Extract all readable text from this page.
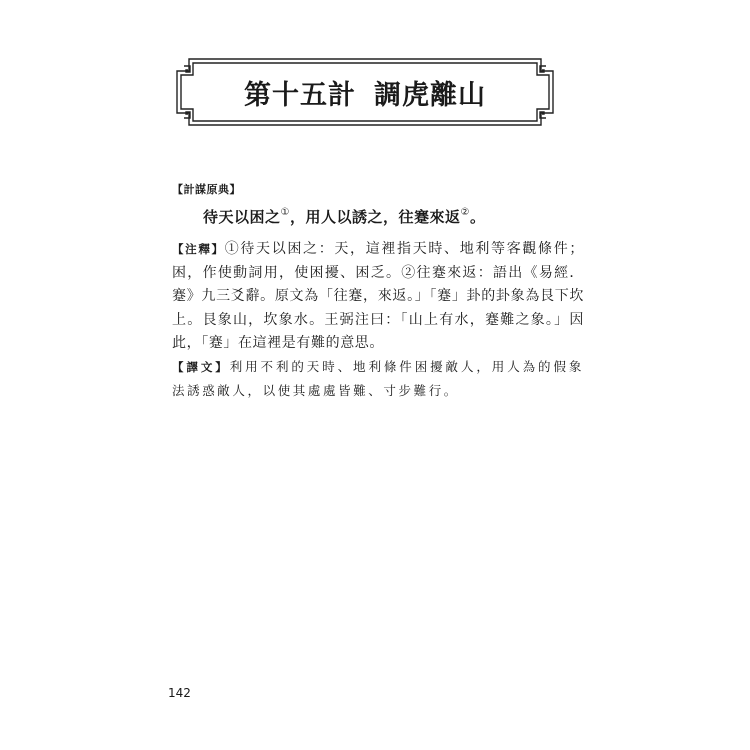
第十五計 調虎離山
【計謀原典】
待天以困之①，用人以誘之，往蹇來返②。
【注釋】①待天以困之：天，這裡指天時、地利等客觀條件；困，作使動詞用，使困擾、困乏。②往蹇來返：語出《易經．蹇》九三爻辭。原文為「往蹇，來返。」「蹇」卦的卦象為艮下坎上。艮象山，坎象水。王弼注曰：「山上有水，蹇難之象。」因此，「蹇」在這裡是有難的意思。
【譯文】利用不利的天時、地利條件困擾敵人，用人為的假象法誘惑敵人，以使其處處皆難、寸步難行。
142
